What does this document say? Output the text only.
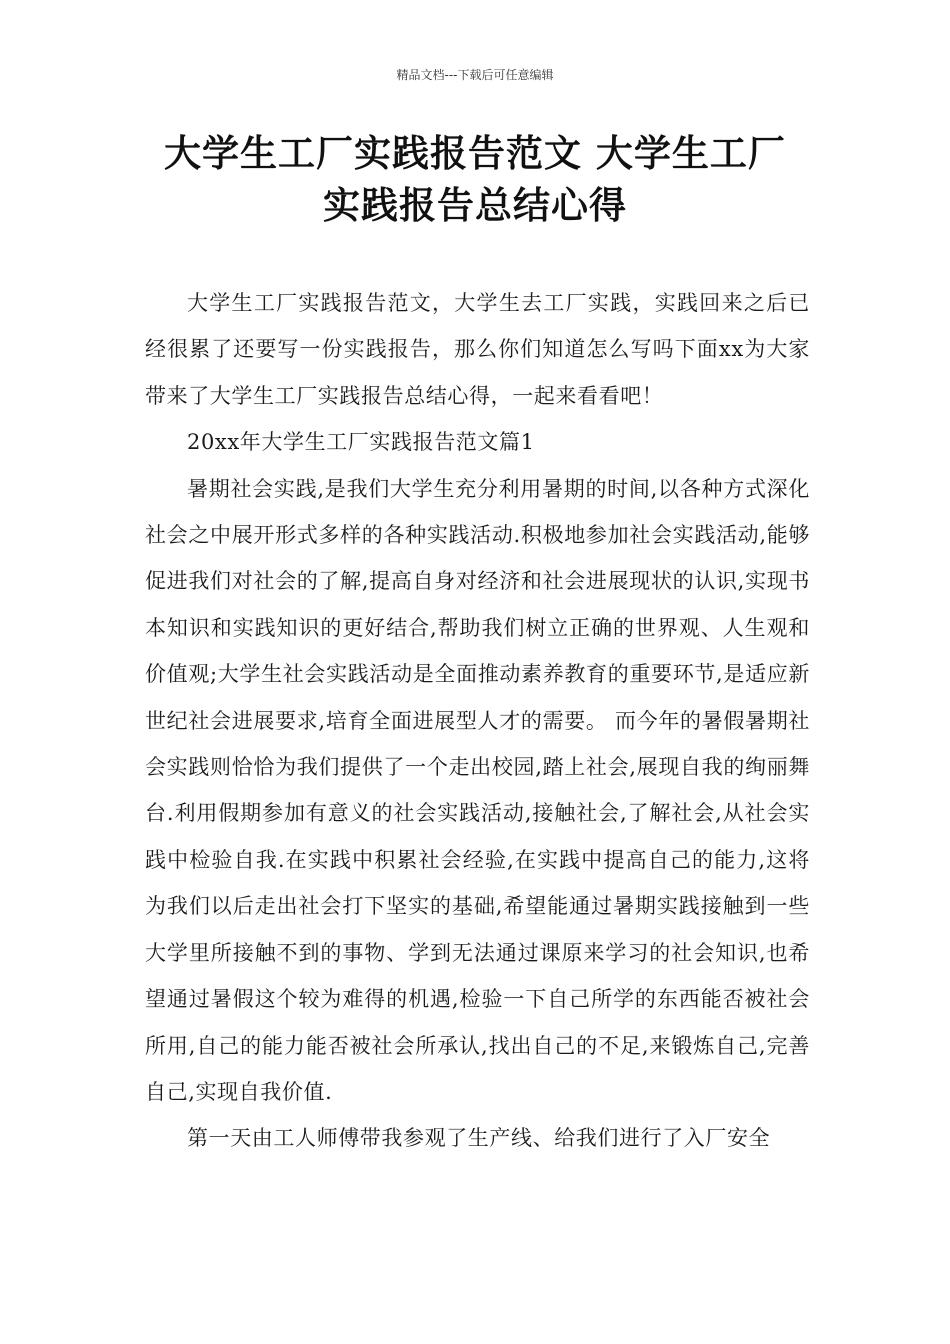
精品文档---下载后可任意编辑
大学生工厂实践报告范文 大学生工厂
实践报告总结心得

大学生工厂实践报告范文，大学生去工厂实践，实践回来之后已经很累了还要写一份实践报告，那么你们知道怎么写吗下面xx为大家带来了大学生工厂实践报告总结心得，一起来看看吧！

20xx年大学生工厂实践报告范文篇1

暑期社会实践,是我们大学生充分利用暑期的时间,以各种方式深化社会之中展开形式多样的各种实践活动.积极地参加社会实践活动,能够促进我们对社会的了解,提高自身对经济和社会进展现状的认识,实现书本知识和实践知识的更好结合,帮助我们树立正确的世界观、人生观和价值观;大学生社会实践活动是全面推动素养教育的重要环节,是适应新世纪社会进展要求,培育全面进展型人才的需要。 而今年的暑假暑期社会实践则恰恰为我们提供了一个走出校园,踏上社会,展现自我的绚丽舞台.利用假期参加有意义的社会实践活动,接触社会,了解社会,从社会实践中检验自我.在实践中积累社会经验,在实践中提高自己的能力,这将为我们以后走出社会打下坚实的基础,希望能通过暑期实践接触到一些大学里所接触不到的事物、学到无法通过课原来学习的社会知识,也希望通过暑假这个较为难得的机遇,检验一下自己所学的东西能否被社会所用,自己的能力能否被社会所承认,找出自己的不足,来锻炼自己,完善自己,实现自我价值.

第一天由工人师傅带我参观了生产线、给我们进行了入厂安全
